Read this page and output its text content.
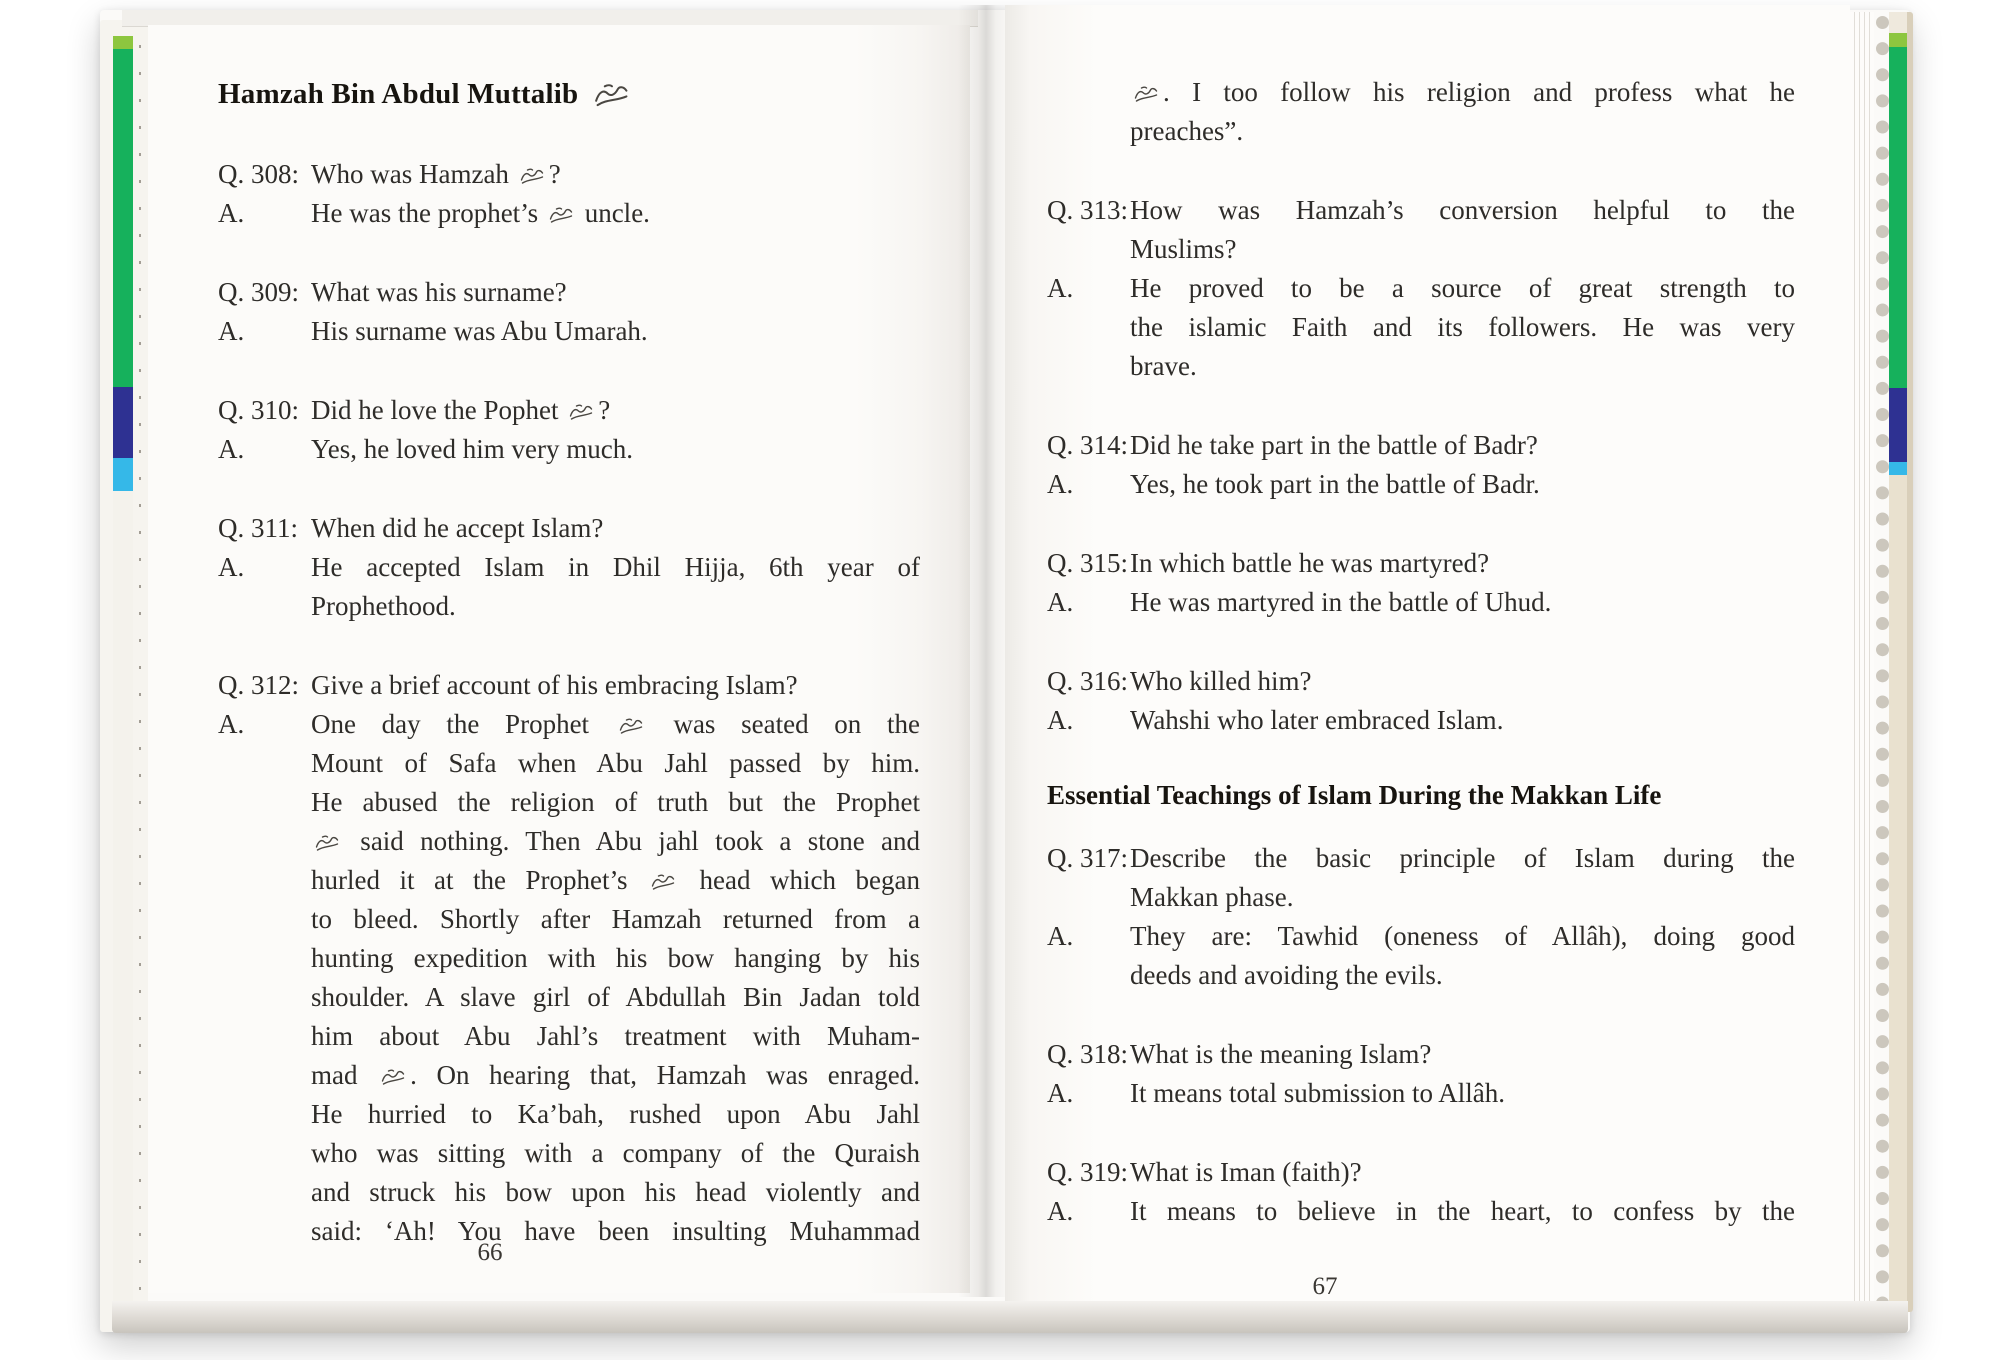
Hamzah Bin Abdul Muttalib
Q. 308: Who was Hamzah
?
A.	He was the prophet’s
uncle.
Q. 309: What was his surname?
A.	His surname was Abu Umarah.
Q. 310: Did he love the Pophet
?
A.	Yes, he loved him very much.
Q. 311: When did he accept Islam?
A.	He accepted Islam in Dhil Hijja, 6th year of
Prophethood.
Q. 312: Give a brief account of his embracing Islam?
A.	One day the Prophet
was seated on the
Mount of Safa when Abu Jahl passed by him.
He abused the religion of truth but the Prophet
said nothing. Then Abu jahl took a stone and
hurled it at the Prophet’s
head which began
to bleed. Shortly after Hamzah returned from a
hunting expedition with his bow hanging by his
shoulder. A slave girl of Abdullah Bin Jadan told
him about Abu Jahl’s treatment with Muham-
mad
. On hearing that, Hamzah was enraged.
He hurried to Ka’bah, rushed upon Abu Jahl
who was sitting with a company of the Quraish
and struck his bow upon his head violently and
said: ‘Ah! You have been insulting Muhammad
66
. I too follow his religion and profess what he
preaches”.
Q. 313: How was Hamzah’s conversion helpful to the
Muslims?
A.	He proved to be a source of great strength to
the islamic Faith and its followers. He was very
brave.
Q. 314: Did he take part in the battle of Badr?
A.	Yes, he took part in the battle of Badr.
Q. 315: In which battle he was martyred?
A.	He was martyred in the battle of Uhud.
Q. 316: Who killed him?
A.	Wahshi who later embraced Islam.
Essential Teachings of Islam During the Makkan Life
Q. 317: Describe the basic principle of Islam during the
Makkan phase.
A.	They are: Tawhid (oneness of Allâh), doing good
deeds and avoiding the evils.
Q. 318: What is the meaning Islam?
A.	It means total submission to Allâh.
Q. 319: What is Iman (faith)?
A.	It means to believe in the heart, to confess by the
67
